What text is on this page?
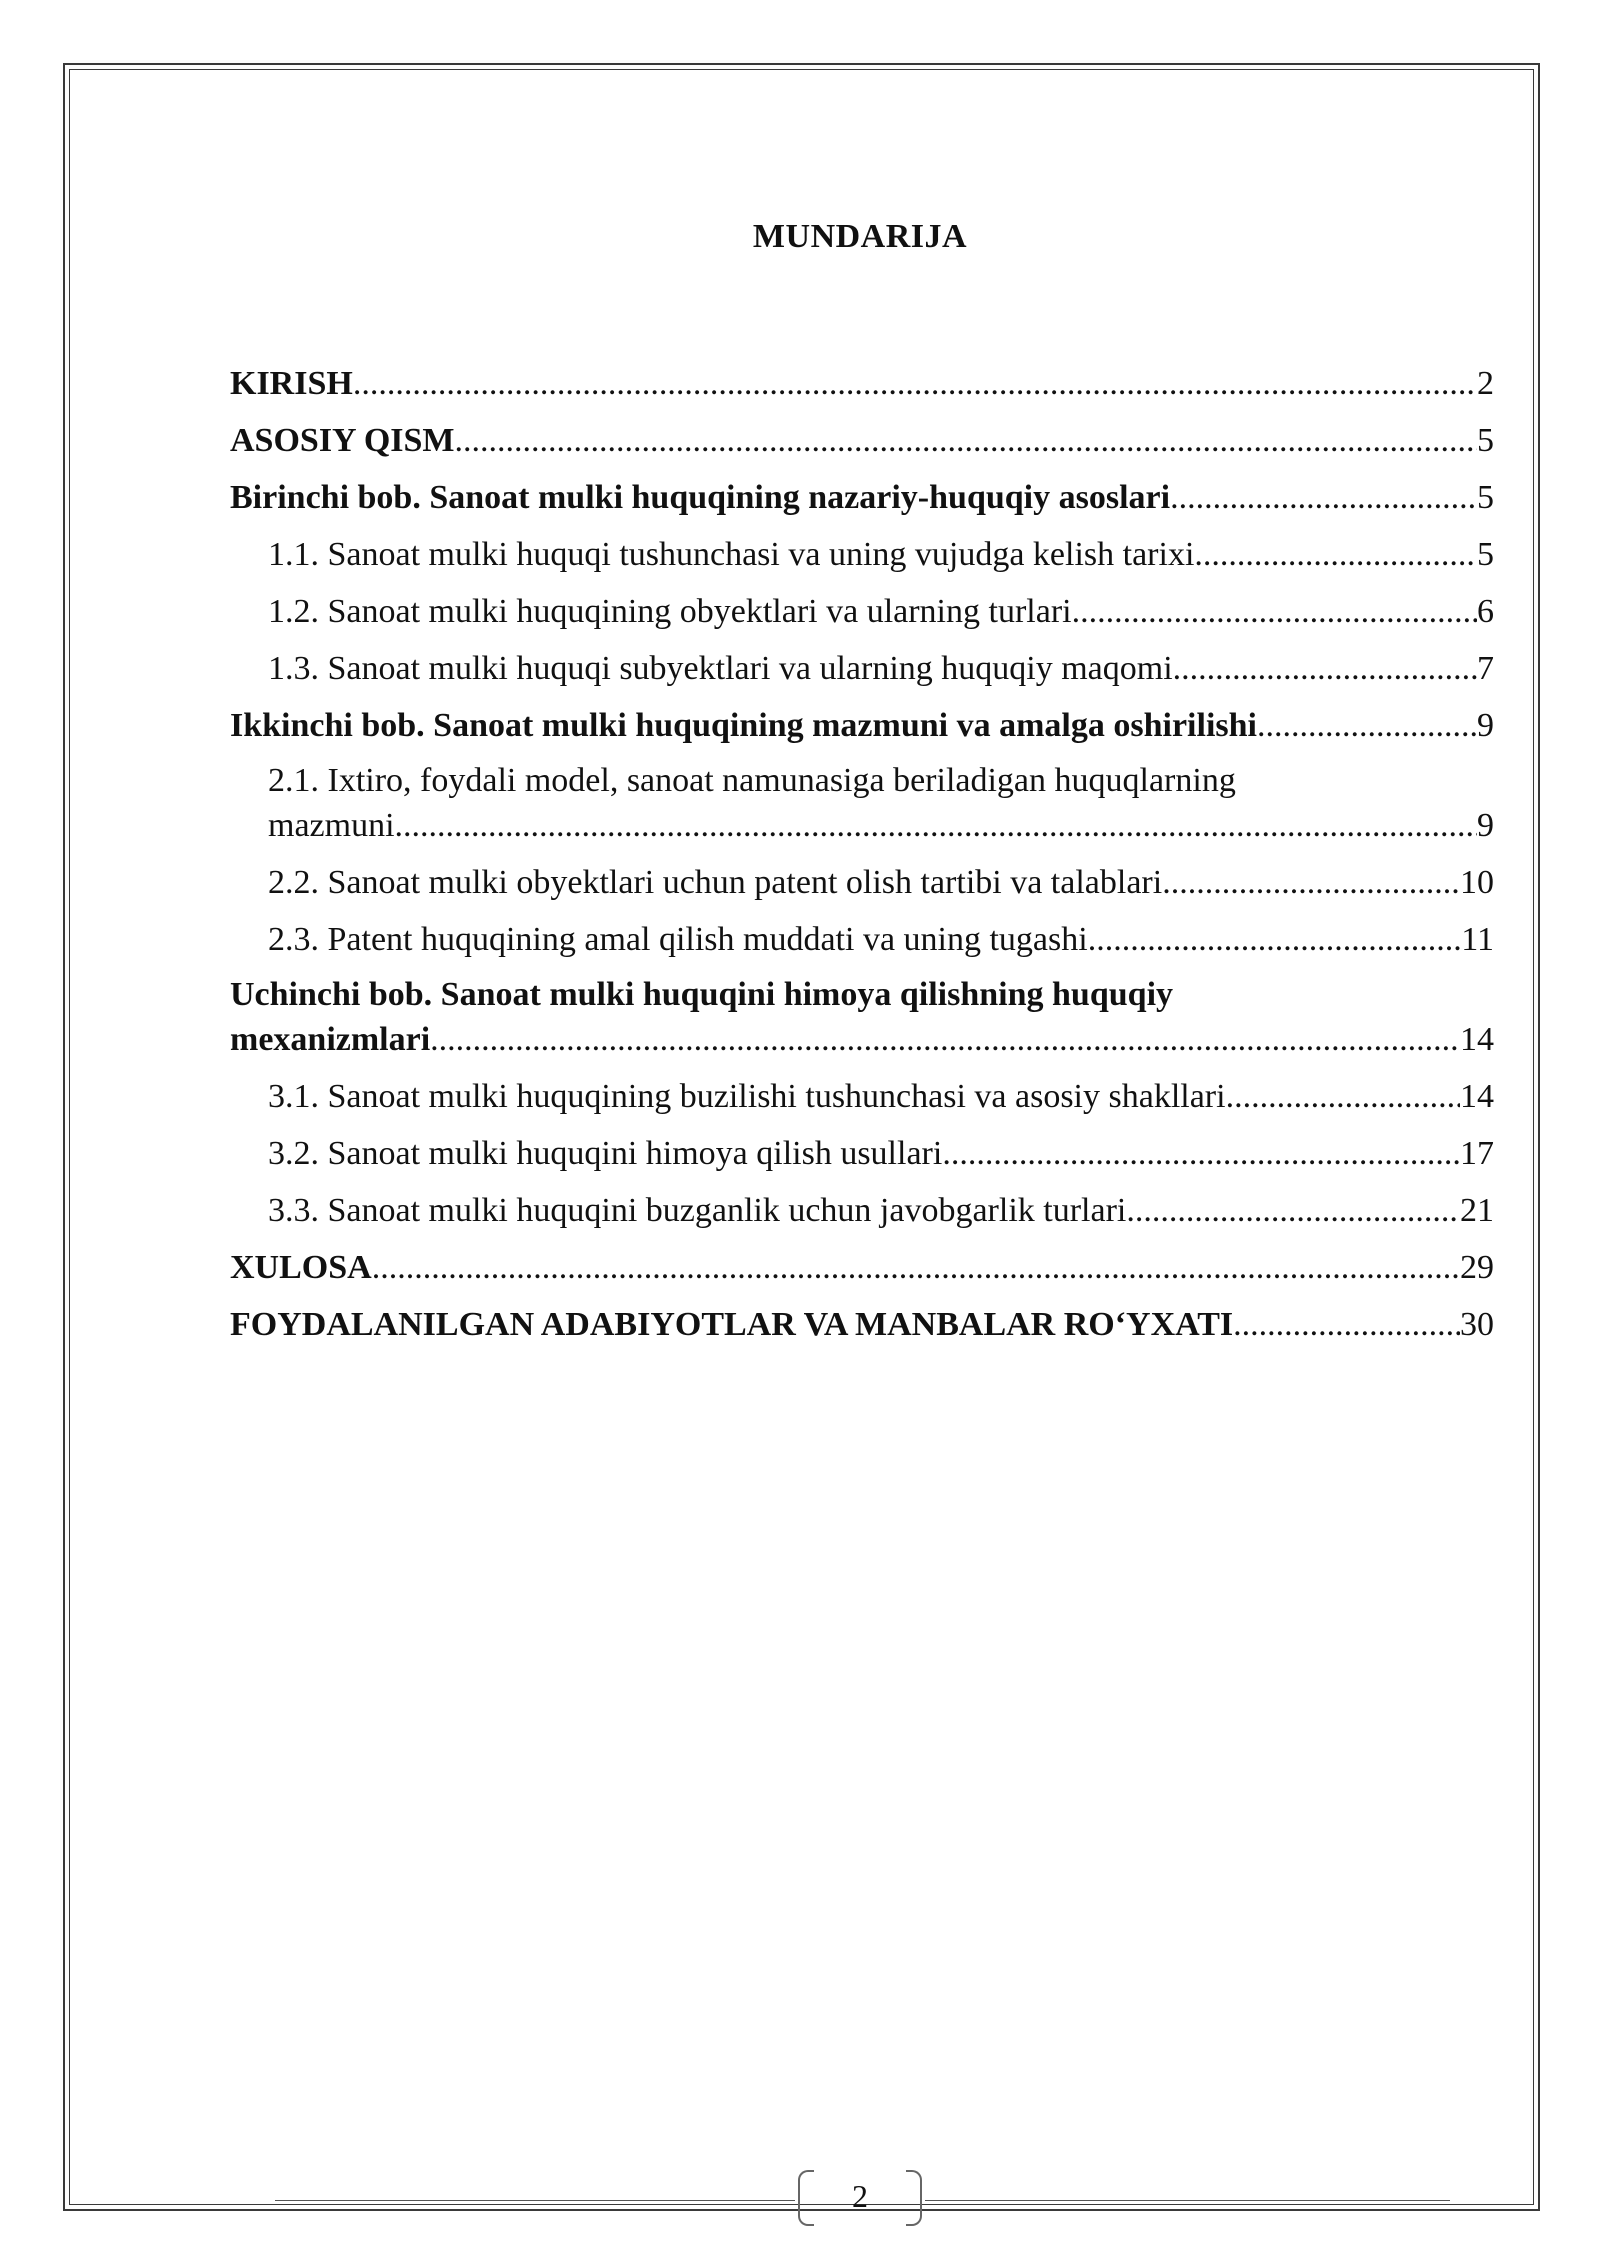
MUNDARIJA
KIRISH .....	2
ASOSIY QISM .....	5
Birinchi bob. Sanoat mulki huquqining nazariy-huquqiy asoslari .....	5
1.1. Sanoat mulki huquqi tushunchasi va uning vujudga kelish tarixi .....	5
1.2. Sanoat mulki huquqining obyektlari va ularning turlari .....	6
1.3. Sanoat mulki huquqi subyektlari va ularning huquqiy maqomi .....	7
Ikkinchi bob. Sanoat mulki huquqining mazmuni va amalga oshirilishi .....	9
2.1. Ixtiro, foydali model, sanoat namunasiga beriladigan huquqlarning
mazmuni .....	9
2.2. Sanoat mulki obyektlari uchun patent olish tartibi va talablari .....	10
2.3. Patent huquqining amal qilish muddati va uning tugashi .....	11
Uchinchi bob. Sanoat mulki huquqini himoya qilishning huquqiy
mexanizmlari .....	14
3.1. Sanoat mulki huquqining buzilishi tushunchasi va asosiy shakllari .....	14
3.2. Sanoat mulki huquqini himoya qilish usullari .....	17
3.3. Sanoat mulki huquqini buzganlik uchun javobgarlik turlari .....	21
XULOSA .....	29
FOYDALANILGAN ADABIYOTLAR VA MANBALAR RO‘YXATI .....	30
2
